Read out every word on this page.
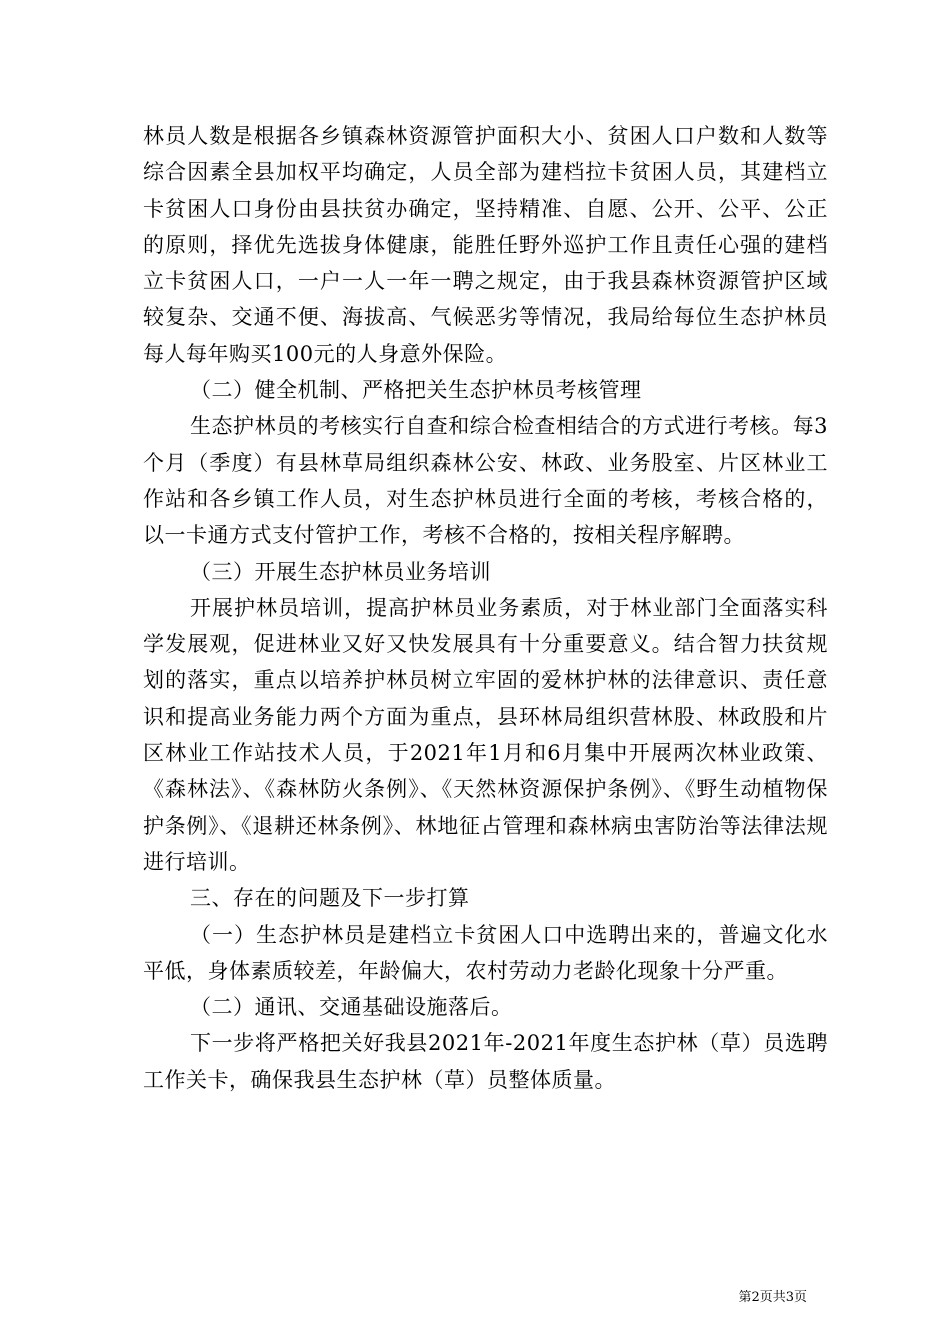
林员人数是根据各乡镇森林资源管护面积大小、贫困人口户数和人数等综合因素全县加权平均确定，人员全部为建档拉卡贫困人员，其建档立卡贫困人口身份由县扶贫办确定，坚持精准、自愿、公开、公平、公正的原则，择优先选拔身体健康，能胜任野外巡护工作且责任心强的建档立卡贫困人口，一户一人一年一聘之规定，由于我县森林资源管护区域较复杂、交通不便、海拔高、气候恶劣等情况，我局给每位生态护林员每人每年购买100元的人身意外保险。

（二）健全机制、严格把关生态护林员考核管理

生态护林员的考核实行自查和综合检查相结合的方式进行考核。每3个月（季度）有县林草局组织森林公安、林政、业务股室、片区林业工作站和各乡镇工作人员，对生态护林员进行全面的考核，考核合格的，以一卡通方式支付管护工作，考核不合格的，按相关程序解聘。

（三）开展生态护林员业务培训

开展护林员培训，提高护林员业务素质，对于林业部门全面落实科学发展观，促进林业又好又快发展具有十分重要意义。结合智力扶贫规划的落实，重点以培养护林员树立牢固的爱林护林的法律意识、责任意识和提高业务能力两个方面为重点，县环林局组织营林股、林政股和片区林业工作站技术人员，于2021年1月和6月集中开展两次林业政策、《森林法》、《森林防火条例》、《天然林资源保护条例》、《野生动植物保护条例》、《退耕还林条例》、林地征占管理和森林病虫害防治等法律法规进行培训。

三、存在的问题及下一步打算

（一）生态护林员是建档立卡贫困人口中选聘出来的，普遍文化水平低，身体素质较差，年龄偏大，农村劳动力老龄化现象十分严重。

（二）通讯、交通基础设施落后。

下一步将严格把关好我县2021年-2021年度生态护林（草）员选聘工作关卡，确保我县生态护林（草）员整体质量。

第2页共3页
